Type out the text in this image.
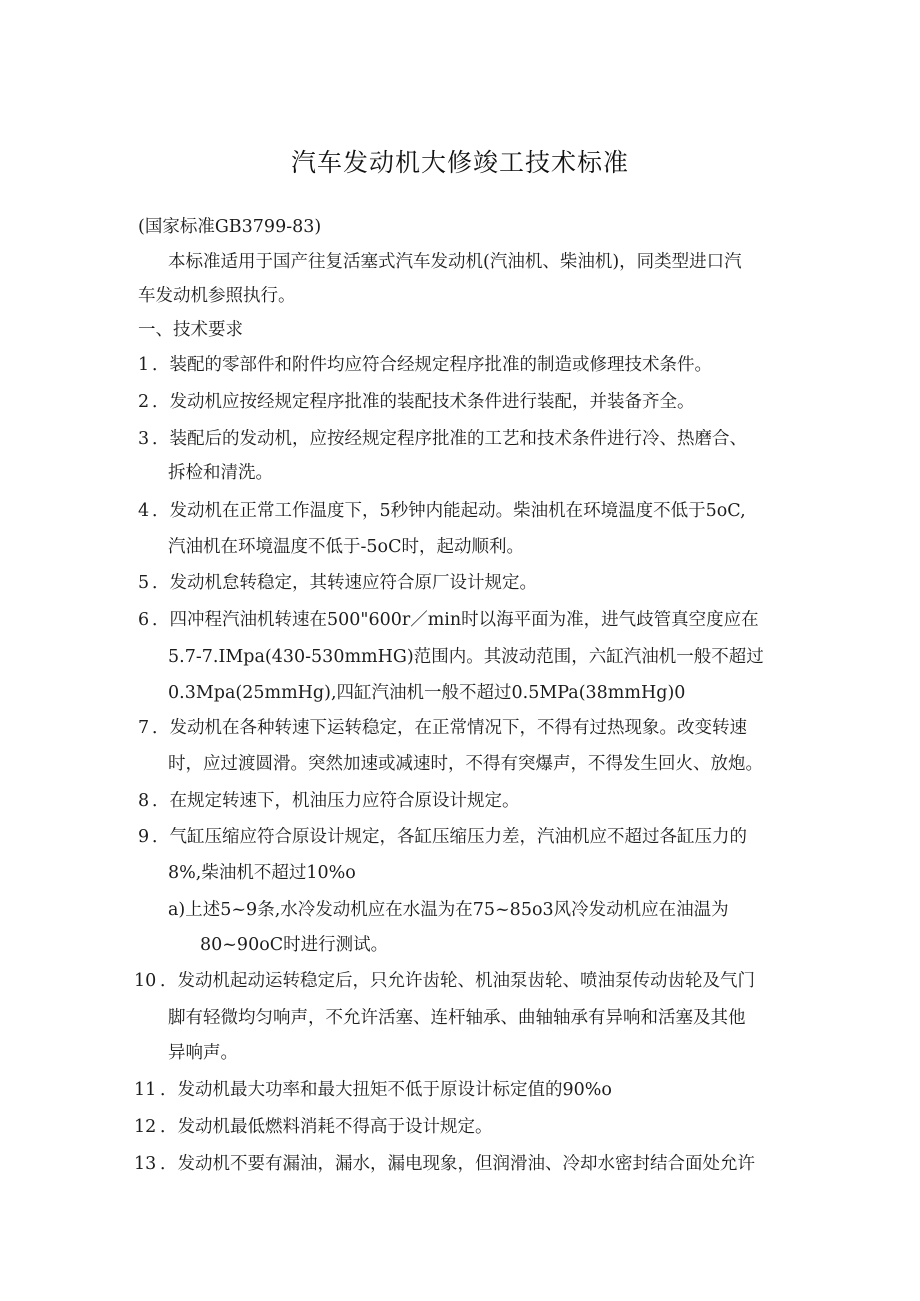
汽车发动机大修竣工技术标准
(国家标准GB3799-83)
本标准适用于国产往复活塞式汽车发动机(汽油机、柴油机)，同类型进口汽
车发动机参照执行。
一、技术要求
1 ．装配的零部件和附件均应符合经规定程序批准的制造或修理技术条件。
2 ．发动机应按经规定程序批准的装配技术条件进行装配，并装备齐全。
3 ．装配后的发动机，应按经规定程序批准的工艺和技术条件进行冷、热磨合、
拆检和清洗。
4 ．发动机在正常工作温度下，5秒钟内能起动。柴油机在环境温度不低于5oC,
汽油机在环境温度不低于-5oC时，起动顺利。
5 ．发动机怠转稳定，其转速应符合原厂设计规定。
6 ．四冲程汽油机转速在500"600r／min时以海平面为准，进气歧管真空度应在
5.7-7.IMpa(430-530mmHG)范围内。其波动范围，六缸汽油机一般不超过
0.3Mpa(25mmHg),四缸汽油机一般不超过0.5MPa(38mmHg)0
7 ．发动机在各种转速下运转稳定，在正常情况下，不得有过热现象。改变转速
时，应过渡圆滑。突然加速或减速时，不得有突爆声，不得发生回火、放炮。
8 ．在规定转速下，机油压力应符合原设计规定。
9 ．气缸压缩应符合原设计规定，各缸压缩压力差，汽油机应不超过各缸压力的
8%,柴油机不超过10%o
a)上述5~9条,水冷发动机应在水温为在75~85o3风冷发动机应在油温为
80~90oC时进行测试。
10 ．发动机起动运转稳定后，只允许齿轮、机油泵齿轮、喷油泵传动齿轮及气门
脚有轻微均匀响声，不允许活塞、连杆轴承、曲轴轴承有异响和活塞及其他
异响声。
11 ．发动机最大功率和最大扭矩不低于原设计标定值的90%o
12 ．发动机最低燃料消耗不得高于设计规定。
13 ．发动机不要有漏油，漏水，漏电现象，但润滑油、冷却水密封结合面处允许
